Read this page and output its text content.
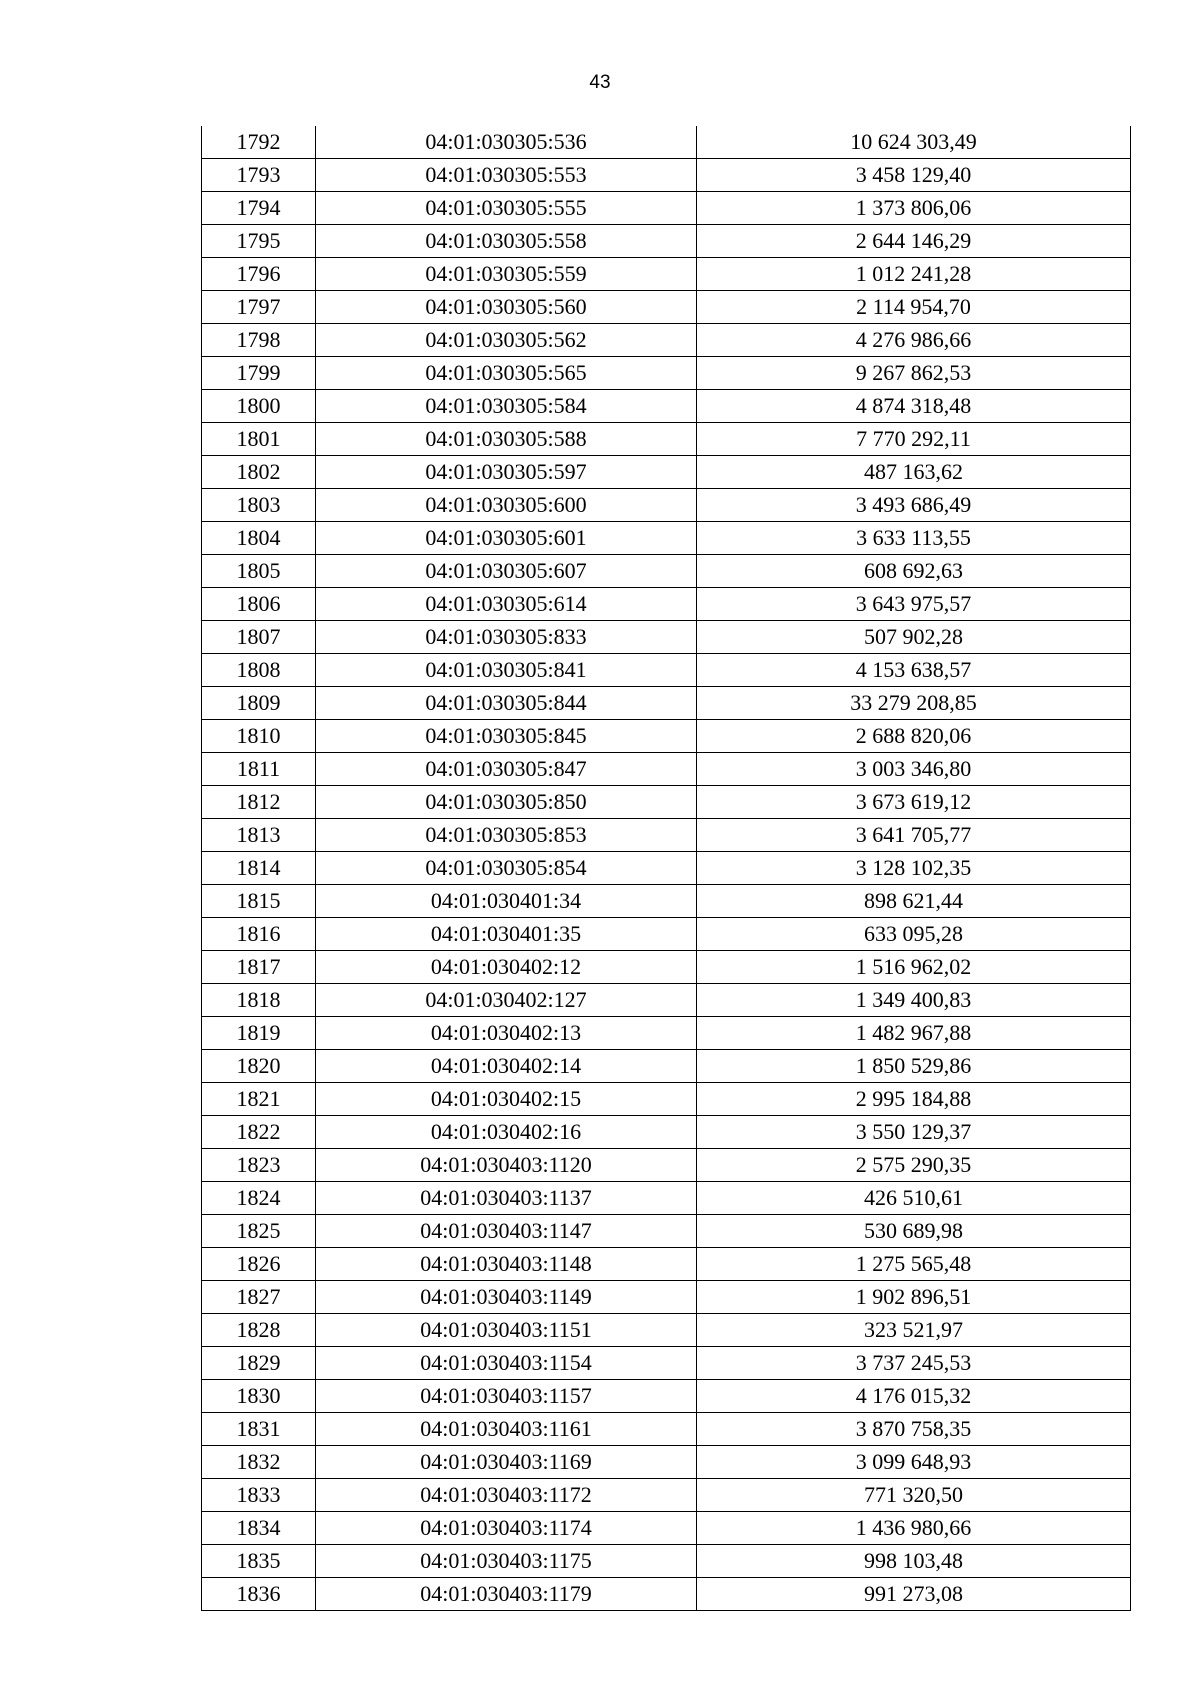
43
1792	04:01:030305:536	10 624 303,49
1793	04:01:030305:553	3 458 129,40
1794	04:01:030305:555	1 373 806,06
1795	04:01:030305:558	2 644 146,29
1796	04:01:030305:559	1 012 241,28
1797	04:01:030305:560	2 114 954,70
1798	04:01:030305:562	4 276 986,66
1799	04:01:030305:565	9 267 862,53
1800	04:01:030305:584	4 874 318,48
1801	04:01:030305:588	7 770 292,11
1802	04:01:030305:597	487 163,62
1803	04:01:030305:600	3 493 686,49
1804	04:01:030305:601	3 633 113,55
1805	04:01:030305:607	608 692,63
1806	04:01:030305:614	3 643 975,57
1807	04:01:030305:833	507 902,28
1808	04:01:030305:841	4 153 638,57
1809	04:01:030305:844	33 279 208,85
1810	04:01:030305:845	2 688 820,06
1811	04:01:030305:847	3 003 346,80
1812	04:01:030305:850	3 673 619,12
1813	04:01:030305:853	3 641 705,77
1814	04:01:030305:854	3 128 102,35
1815	04:01:030401:34	898 621,44
1816	04:01:030401:35	633 095,28
1817	04:01:030402:12	1 516 962,02
1818	04:01:030402:127	1 349 400,83
1819	04:01:030402:13	1 482 967,88
1820	04:01:030402:14	1 850 529,86
1821	04:01:030402:15	2 995 184,88
1822	04:01:030402:16	3 550 129,37
1823	04:01:030403:1120	2 575 290,35
1824	04:01:030403:1137	426 510,61
1825	04:01:030403:1147	530 689,98
1826	04:01:030403:1148	1 275 565,48
1827	04:01:030403:1149	1 902 896,51
1828	04:01:030403:1151	323 521,97
1829	04:01:030403:1154	3 737 245,53
1830	04:01:030403:1157	4 176 015,32
1831	04:01:030403:1161	3 870 758,35
1832	04:01:030403:1169	3 099 648,93
1833	04:01:030403:1172	771 320,50
1834	04:01:030403:1174	1 436 980,66
1835	04:01:030403:1175	998 103,48
1836	04:01:030403:1179	991 273,08
